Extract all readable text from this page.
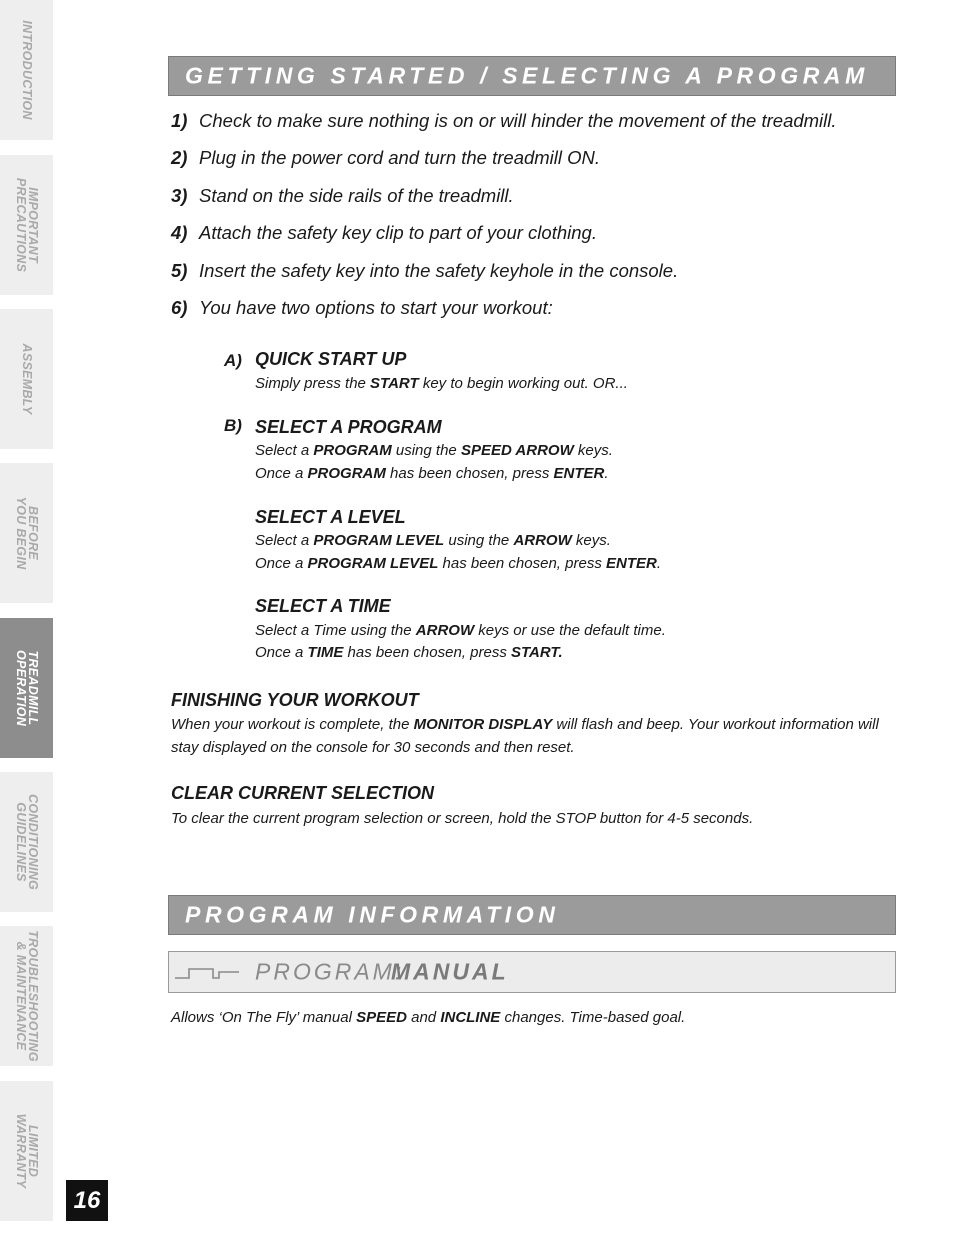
INTRODUCTION
IMPORTANT
PRECAUTIONS
ASSEMBLY
BEFORE
YOU BEGIN
TREADMILL
OPERATION
CONDITIONING
GUIDELINES
TROUBLESHOOTING
& MAINTENANCE
LIMITED
WARRANTY
16
GETTING STARTED / SELECTING A PROGRAM
1) Check to make sure nothing is on or will hinder the movement of the treadmill.
2) Plug in the power cord and turn the treadmill ON.
3) Stand on the side rails of the treadmill.
4) Attach the safety key clip to part of your clothing.
5) Insert the safety key into the safety keyhole in the console.
6) You have two options to start your workout:
A) QUICK START UP
Simply press the START key to begin working out. OR...
B) SELECT A PROGRAM
Select a PROGRAM using the SPEED ARROW keys.
Once a PROGRAM has been chosen, press ENTER.
SELECT A LEVEL
Select a PROGRAM LEVEL using the ARROW keys.
Once a PROGRAM LEVEL has been chosen, press ENTER.
SELECT A TIME
Select a Time using the ARROW keys or use the default time.
Once a TIME has been chosen, press START.
FINISHING YOUR WORKOUT
When your workout is complete, the MONITOR DISPLAY will flash and beep. Your workout information will stay displayed on the console for 30 seconds and then reset.
CLEAR CURRENT SELECTION
To clear the current program selection or screen, hold the STOP button for 4-5 seconds.
PROGRAM INFORMATION
PROGRAM:
MANUAL
Allows ‘On The Fly’ manual SPEED and INCLINE changes. Time-based goal.
